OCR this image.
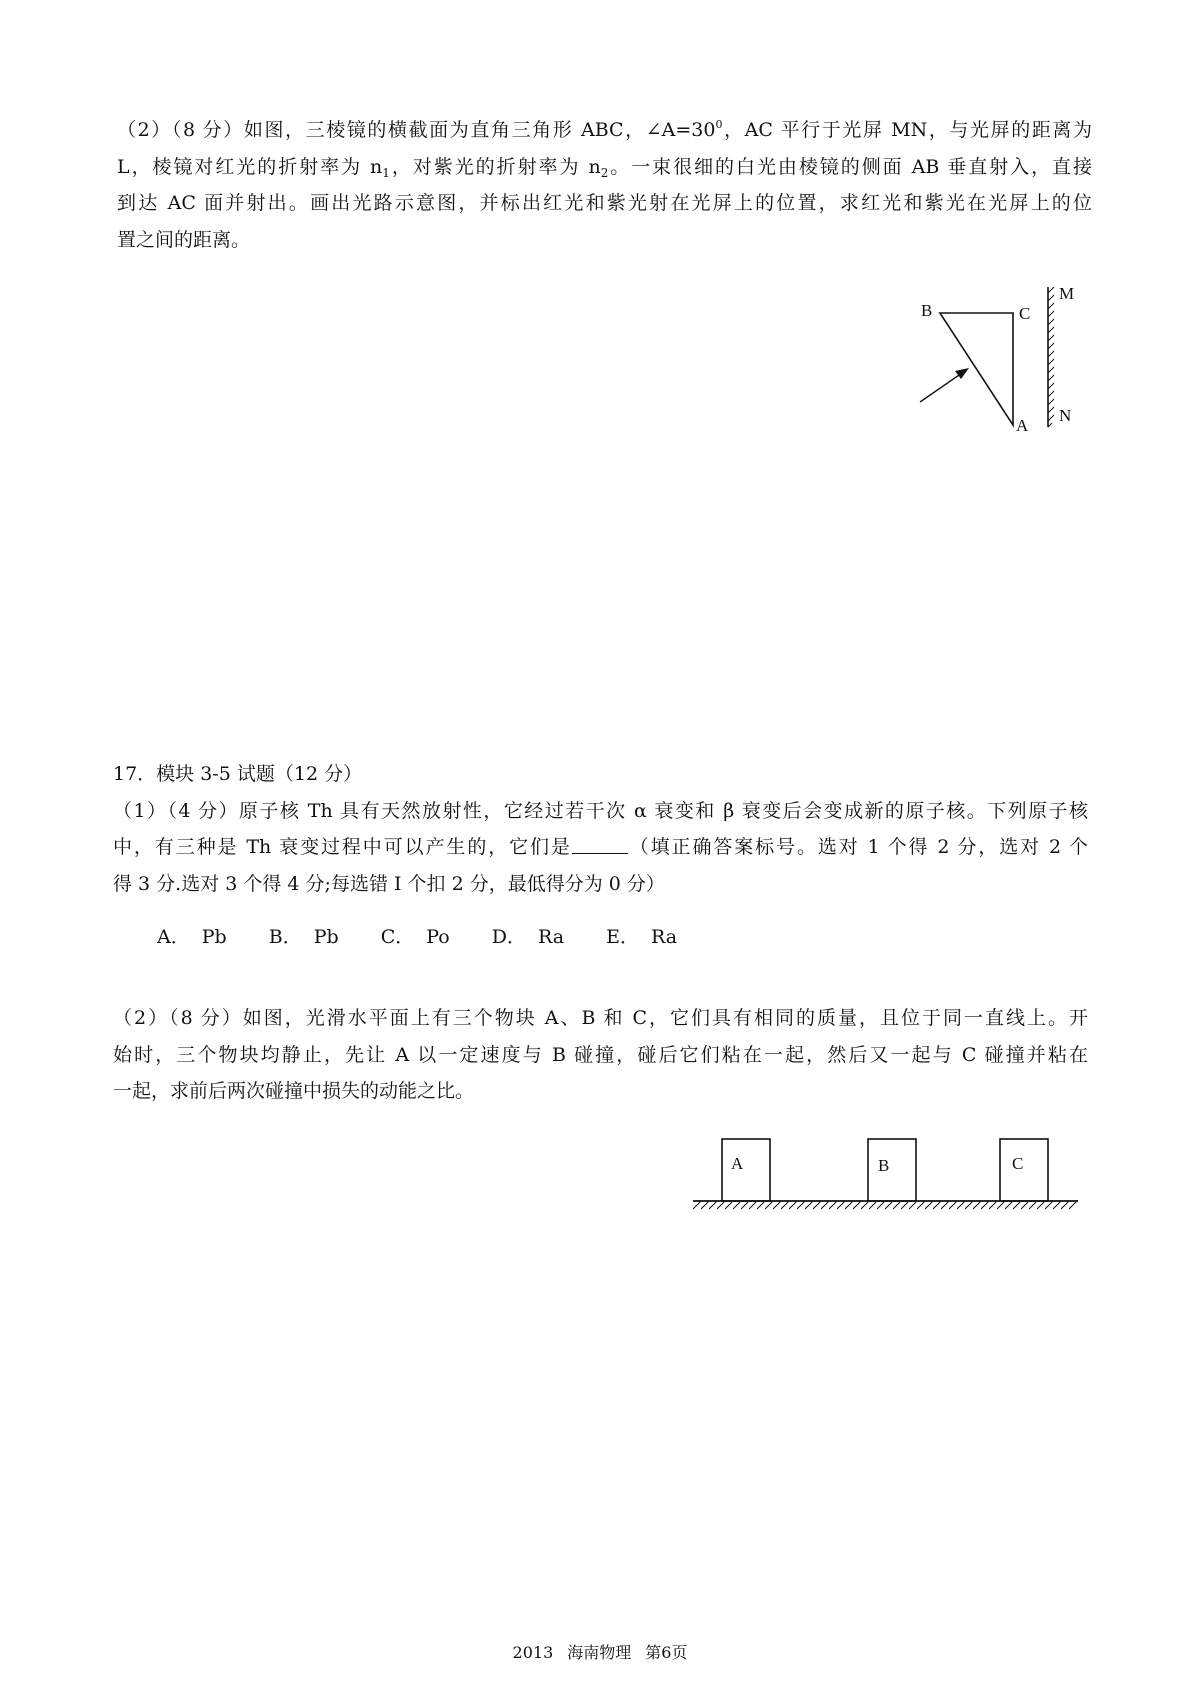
（2）（8 分）如图，三棱镜的横截面为直角三角形 ABC，$\angle A=30^0$，AC 平行于光屏 MN，与光屏的距离为
L，棱镜对红光的折射率为 $n_1$，对紫光的折射率为 $n_2$。一束很细的白光由棱镜的侧面 AB 垂直射入，直接
到达 AC 面并射出。画出光路示意图，并标出红光和紫光射在光屏上的位置，求红光和紫光在光屏上的位
置之间的距离。
B	C
A
M
N
17．模块 3-5 试题（12 分）
（1）（4 分）原子核 Th 具有天然放射性，它经过若干次 α 衰变和 β 衰变后会变成新的原子核。下列原子核
中，有三种是 Th 衰变过程中可以产生的，它们是	（填正确答案标号。选对 1 个得 2 分，选对 2 个
得 3 分.选对 3 个得 4 分;每选错 I 个扣 2 分，最低得分为 0 分）
A． Pb B． Pb C． Po D． Ra E． Ra
（2）（8 分）如图，光滑水平面上有三个物块 A、B 和 C，它们具有相同的质量，且位于同一直线上。开
始时，三个物块均静止，先让 A 以一定速度与 B 碰撞，碰后它们粘在一起，然后又一起与 C 碰撞并粘在
一起，求前后两次碰撞中损失的动能之比。
A	B	C
2013 海南物理 第6页
